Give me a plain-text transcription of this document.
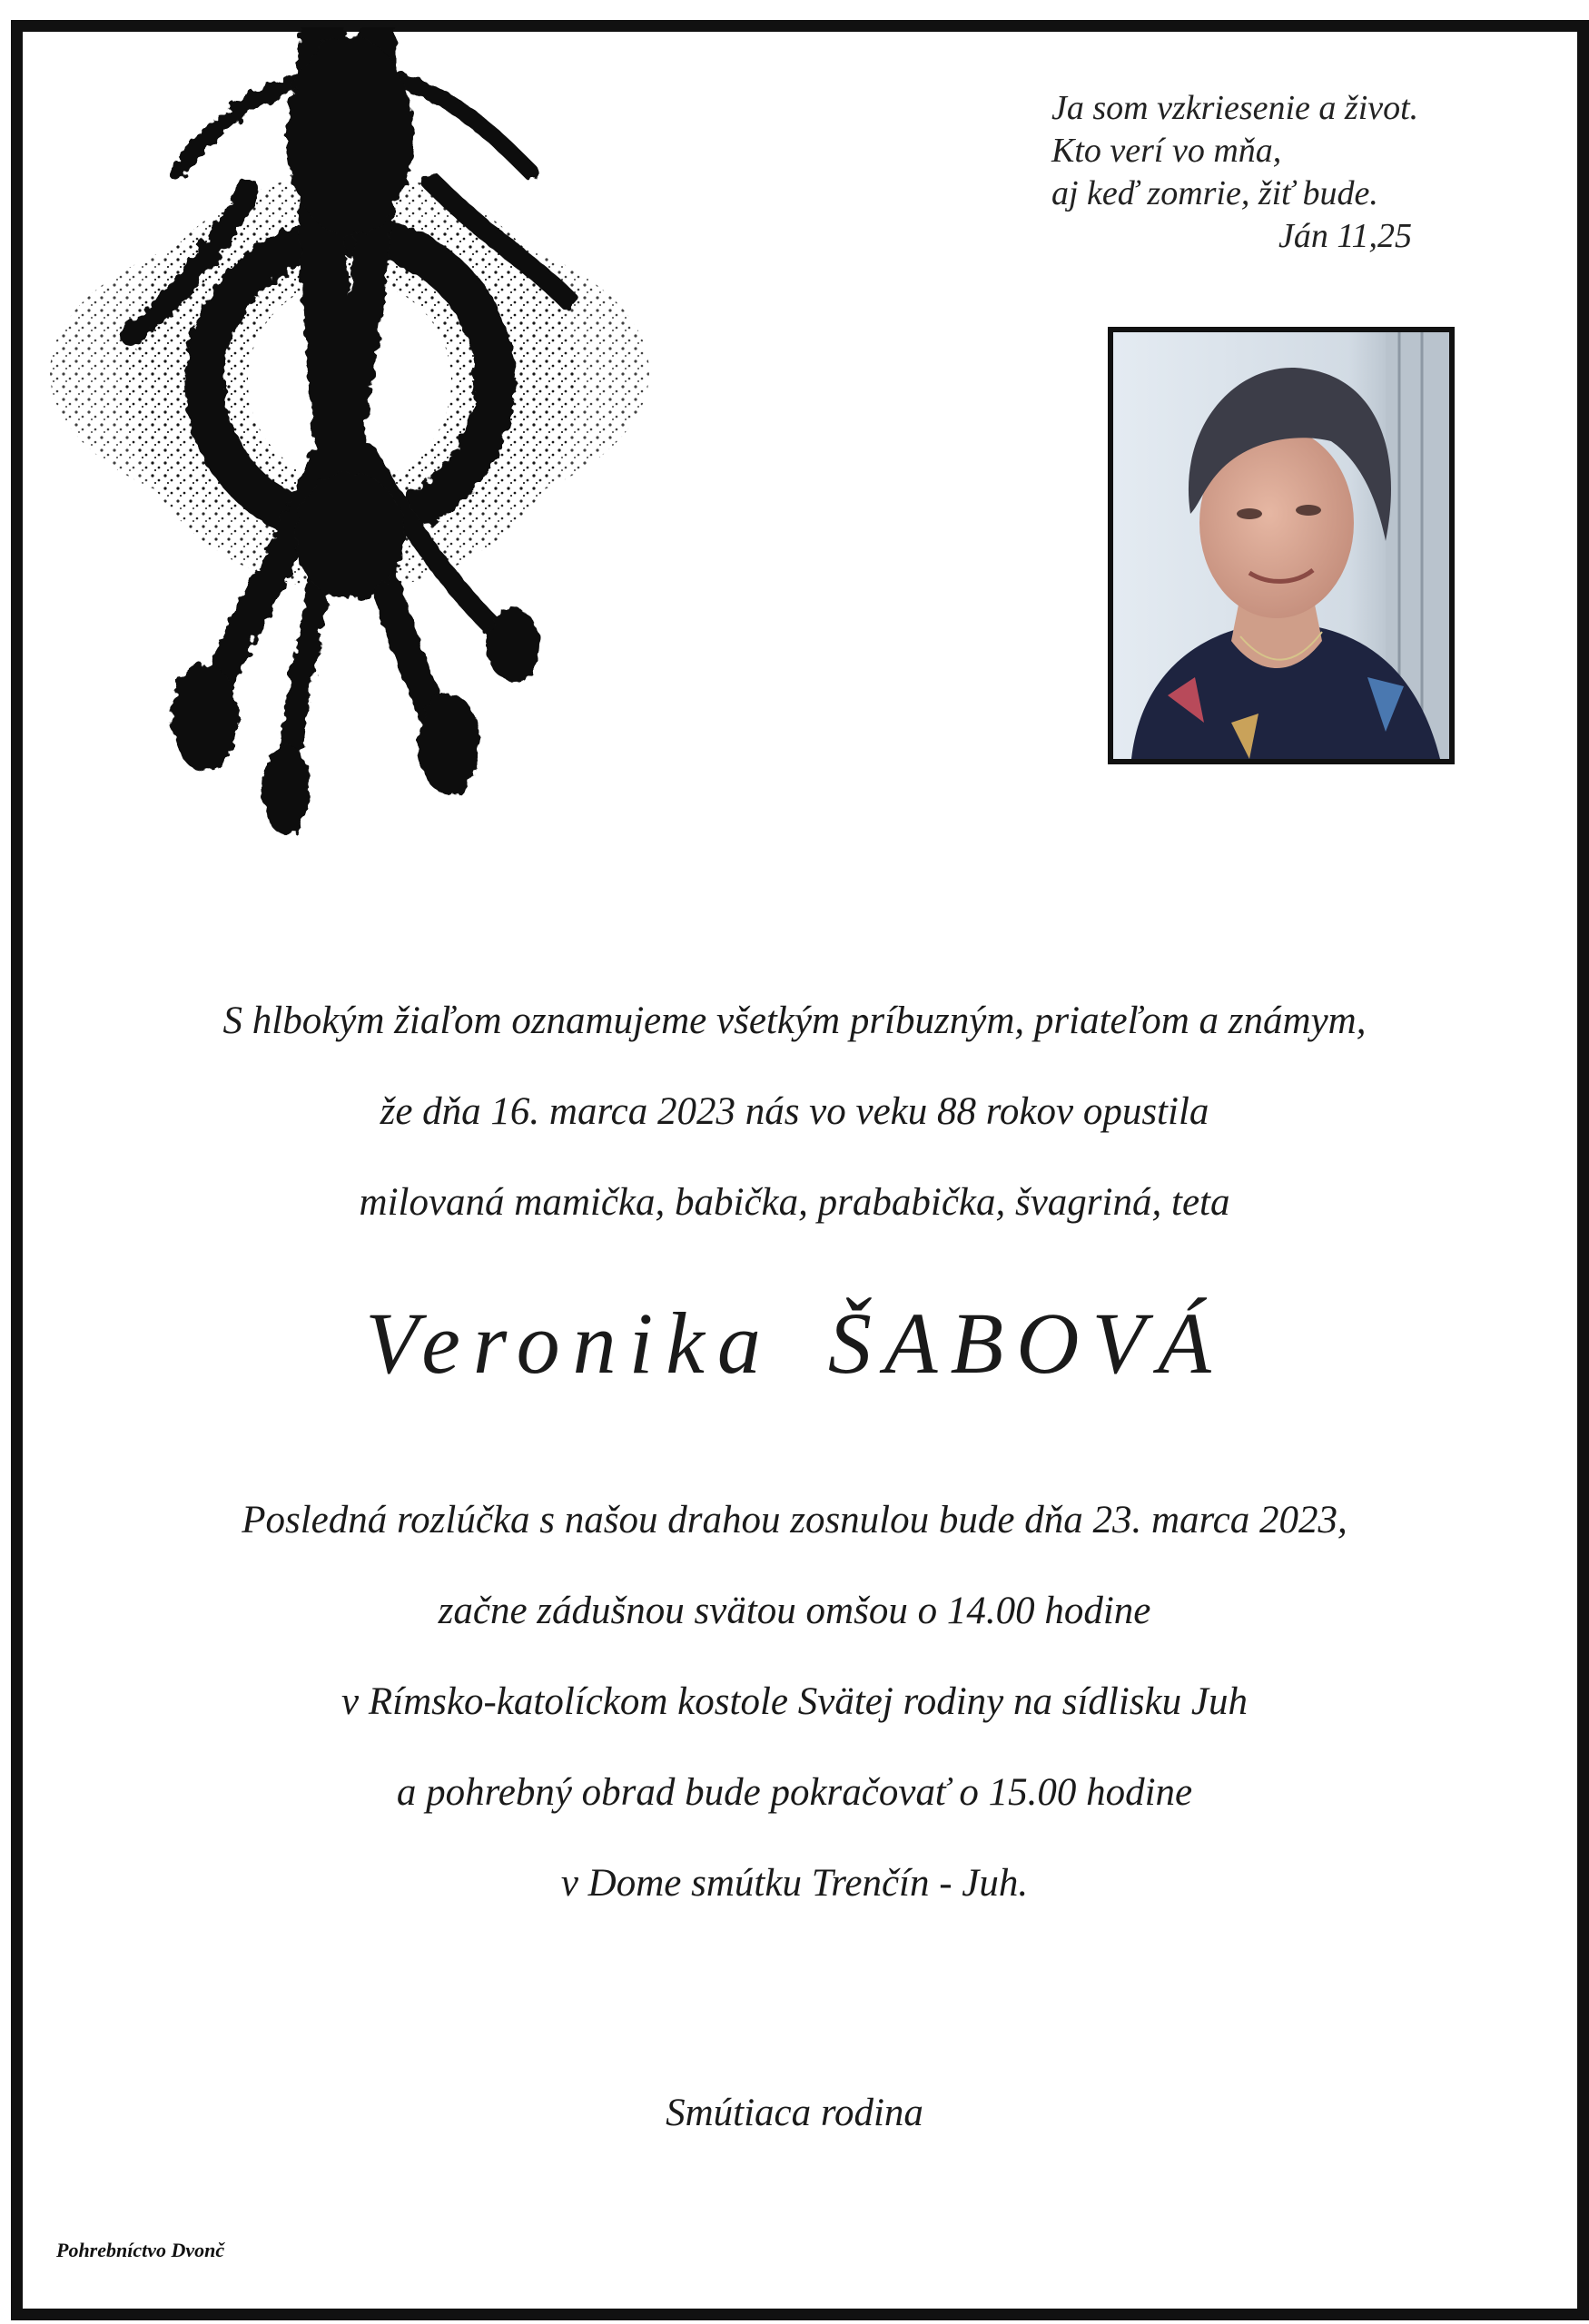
Ja som vzkriesenie a život.
Kto verí vo mňa,
aj keď zomrie, žiť bude.
Ján 11,25
S hlbokým žiaľom oznamujeme všetkým príbuzným, priateľom a známym,
že dňa 16. marca 2023 nás vo veku 88 rokov opustila
milovaná mamička, babička, prababička, švagriná, teta
Veronika ŠABOVÁ
Posledná rozlúčka s našou drahou zosnulou bude dňa 23. marca 2023,
začne zádušnou svätou omšou o 14.00 hodine
v Rímsko-katolíckom kostole Svätej rodiny na sídlisku Juh
a pohrebný obrad bude pokračovať o 15.00 hodine
v Dome smútku Trenčín - Juh.
Smútiaca rodina
Pohrebníctvo Dvonč
